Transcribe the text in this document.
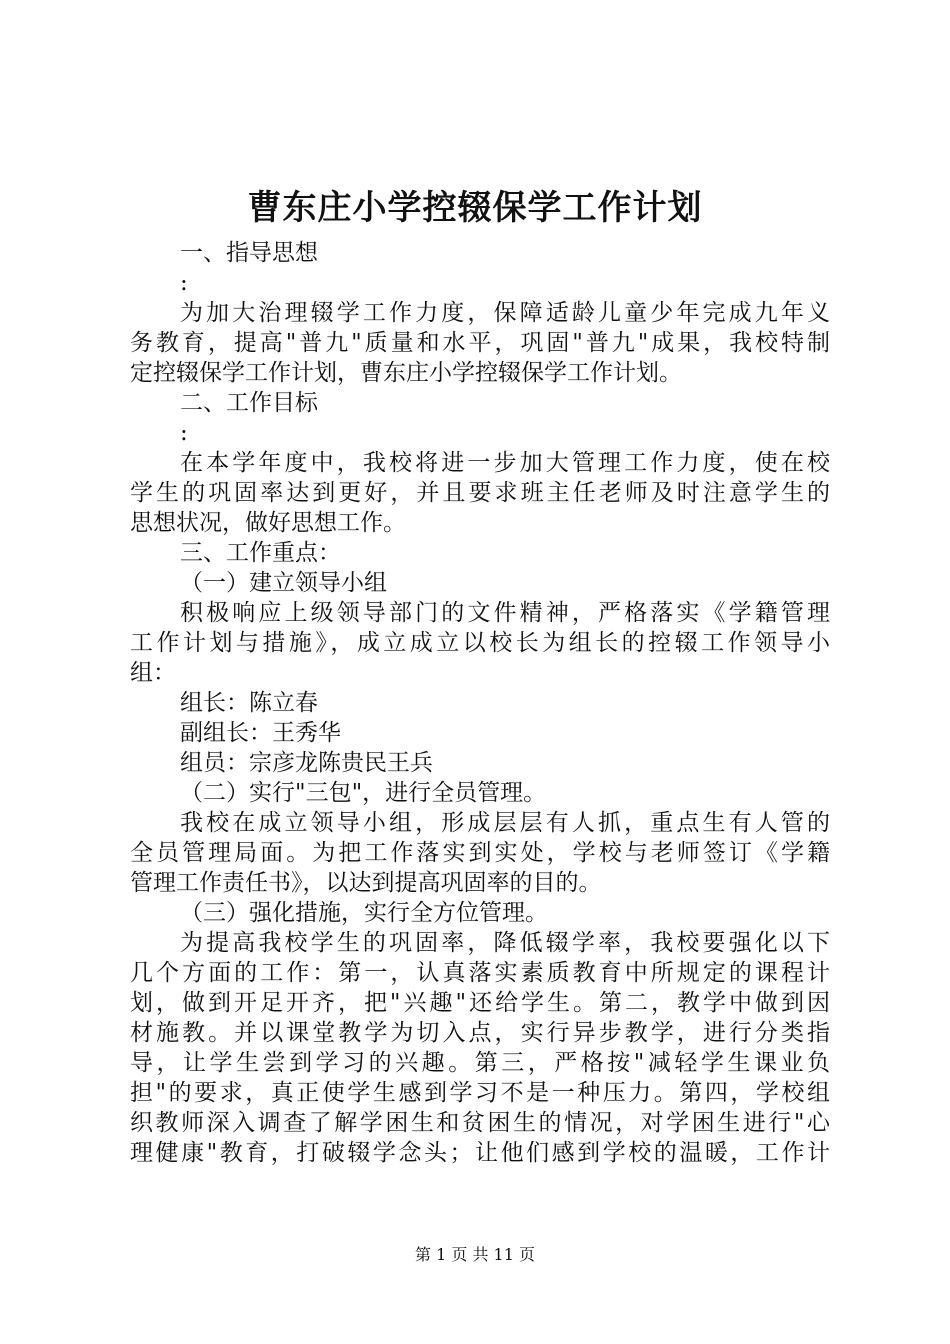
曹东庄小学控辍保学工作计划
一、指导思想
:
为加大治理辍学工作力度，保障适龄儿童少年完成九年义
务教育，提高"普九"质量和水平，巩固"普九"成果，我校特制
定控辍保学工作计划，曹东庄小学控辍保学工作计划。
二、工作目标
:
在本学年度中，我校将进一步加大管理工作力度，使在校
学生的巩固率达到更好，并且要求班主任老师及时注意学生的
思想状况，做好思想工作。
三、工作重点：
（一）建立领导小组
积极响应上级领导部门的文件精神，严格落实《学籍管理
工作计划与措施》，成立成立以校长为组长的控辍工作领导小
组：
组长：陈立春
副组长：王秀华
组员：宗彦龙陈贵民王兵
（二）实行"三包"，进行全员管理。
我校在成立领导小组，形成层层有人抓，重点生有人管的
全员管理局面。为把工作落实到实处，学校与老师签订《学籍
管理工作责任书》，以达到提高巩固率的目的。
（三）强化措施，实行全方位管理。
为提高我校学生的巩固率，降低辍学率，我校要强化以下
几个方面的工作：第一，认真落实素质教育中所规定的课程计
划，做到开足开齐，把"兴趣"还给学生。第二，教学中做到因
材施教。并以课堂教学为切入点，实行异步教学，进行分类指
导，让学生尝到学习的兴趣。第三，严格按"减轻学生课业负
担"的要求，真正使学生感到学习不是一种压力。第四，学校组
织教师深入调查了解学困生和贫困生的情况，对学困生进行"心
理健康"教育，打破辍学念头；让他们感到学校的温暖，工作计
第 1 页 共 11 页
